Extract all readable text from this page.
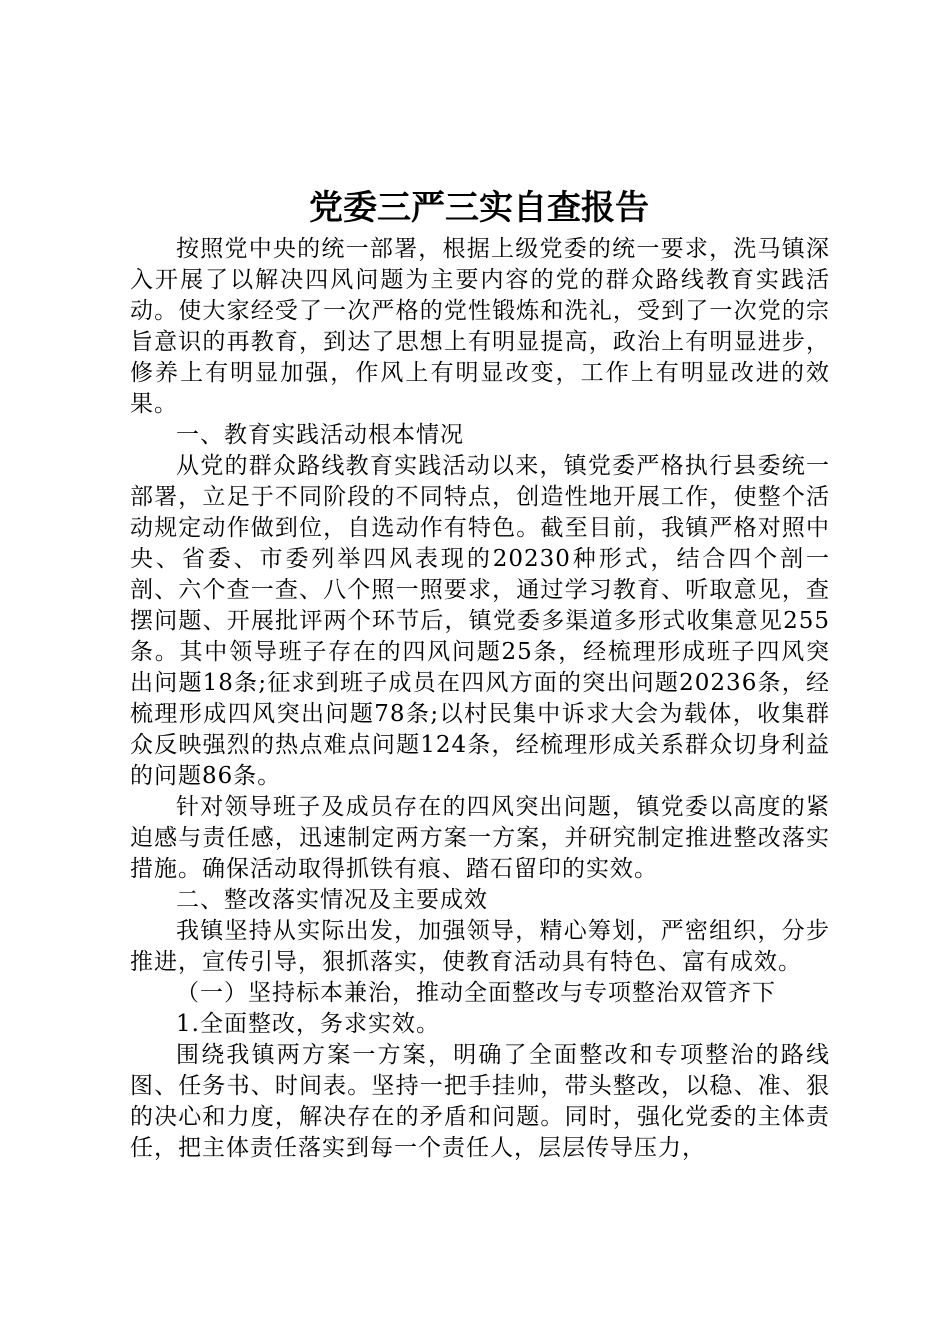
党委三严三实自查报告

按照党中央的统一部署，根据上级党委的统一要求，洗马镇深入开展了以解决四风问题为主要内容的党的群众路线教育实践活动。使大家经受了一次严格的党性锻炼和洗礼，受到了一次党的宗旨意识的再教育，到达了思想上有明显提高，政治上有明显进步，修养上有明显加强，作风上有明显改变，工作上有明显改进的效果。

一、教育实践活动根本情况

从党的群众路线教育实践活动以来，镇党委严格执行县委统一部署，立足于不同阶段的不同特点，创造性地开展工作，使整个活动规定动作做到位，自选动作有特色。截至目前，我镇严格对照中央、省委、市委列举四风表现的20230种形式，结合四个剖一剖、六个查一查、八个照一照要求，通过学习教育、听取意见，查摆问题、开展批评两个环节后，镇党委多渠道多形式收集意见255条。其中领导班子存在的四风问题25条，经梳理形成班子四风突出问题18条;征求到班子成员在四风方面的突出问题20236条，经梳理形成四风突出问题78条;以村民集中诉求大会为载体，收集群众反映强烈的热点难点问题124条，经梳理形成关系群众切身利益的问题86条。

针对领导班子及成员存在的四风突出问题，镇党委以高度的紧迫感与责任感，迅速制定两方案一方案，并研究制定推进整改落实措施。确保活动取得抓铁有痕、踏石留印的实效。

二、整改落实情况及主要成效

我镇坚持从实际出发，加强领导，精心筹划，严密组织，分步推进，宣传引导，狠抓落实，使教育活动具有特色、富有成效。

（一）坚持标本兼治，推动全面整改与专项整治双管齐下

1.全面整改，务求实效。

围绕我镇两方案一方案，明确了全面整改和专项整治的路线图、任务书、时间表。坚持一把手挂帅，带头整改，以稳、准、狠的决心和力度，解决存在的矛盾和问题。同时，强化党委的主体责任，把主体责任落实到每一个责任人，层层传导压力，
